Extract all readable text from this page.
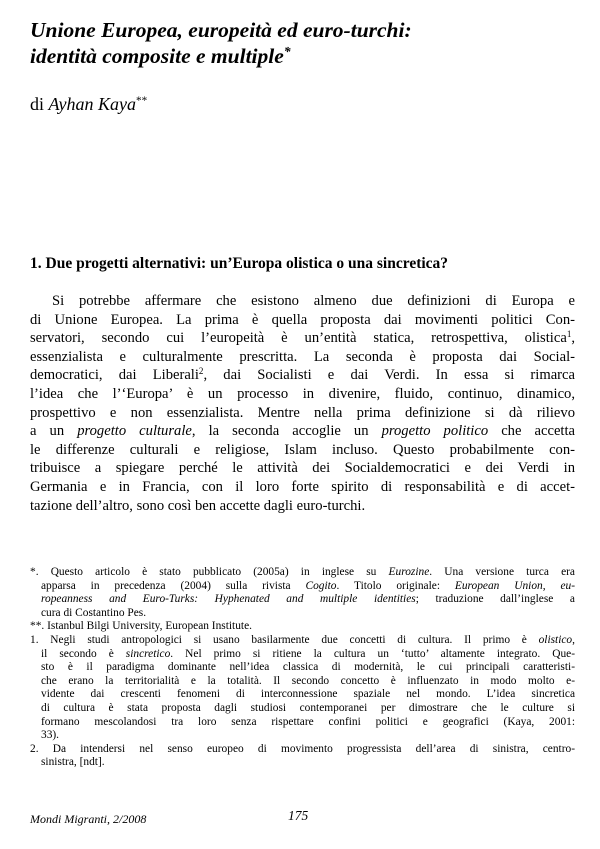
Unione Europea, europeità ed euro-turchi:
identità composite e multiple*
di Ayhan Kaya**
1. Due progetti alternativi: un’Europa olistica o una sincretica?
Si potrebbe affermare che esistono almeno due definizioni di Europa e
di Unione Europea. La prima è quella proposta dai movimenti politici Con-
servatori, secondo cui l’europeità è un’entità statica, retrospettiva, olistica$^1$,
essenzialista e culturalmente prescritta. La seconda è proposta dai Social-
democratici, dai Liberali$^2$, dai Socialisti e dai Verdi. In essa si rimarca
l’idea che l’‘Europa’ è un processo in divenire, fluido, continuo, dinamico,
prospettivo e non essenzialista. Mentre nella prima definizione si dà rilievo
a un progetto culturale, la seconda accoglie un progetto politico che accetta
le differenze culturali e religiose, Islam incluso. Questo probabilmente con-
tribuisce a spiegare perché le attività dei Socialdemocratici e dei Verdi in
Germania e in Francia, con il loro forte spirito di responsabilità e di accet-
tazione dell’altro, sono così ben accette dagli euro-turchi.
*. Questo articolo è stato pubblicato (2005a) in inglese su Eurozine. Una versione turca era
apparsa in precedenza (2004) sulla rivista Cogito. Titolo originale: European Union, eu-
ropeanness and Euro-Turks: Hyphenated and multiple identities; traduzione dall’inglese a
cura di Costantino Pes.
**. Istanbul Bilgi University, European Institute.
1. Negli studi antropologici si usano basilarmente due concetti di cultura. Il primo è olistico,
il secondo è sincretico. Nel primo si ritiene la cultura un ‘tutto’ altamente integrato. Que-
sto è il paradigma dominante nell’idea classica di modernità, le cui principali caratteristi-
che erano la territorialità e la totalità. Il secondo concetto è influenzato in modo molto e-
vidente dai crescenti fenomeni di interconnessione spaziale nel mondo. L’idea sincretica
di cultura è stata proposta dagli studiosi contemporanei per dimostrare che le culture si
formano mescolandosi tra loro senza rispettare confini politici e geografici (Kaya, 2001:
33).
2. Da intendersi nel senso europeo di movimento progressista dell’area di sinistra, centro-
sinistra, [ndt].
Mondi Migranti, 2/2008	175
